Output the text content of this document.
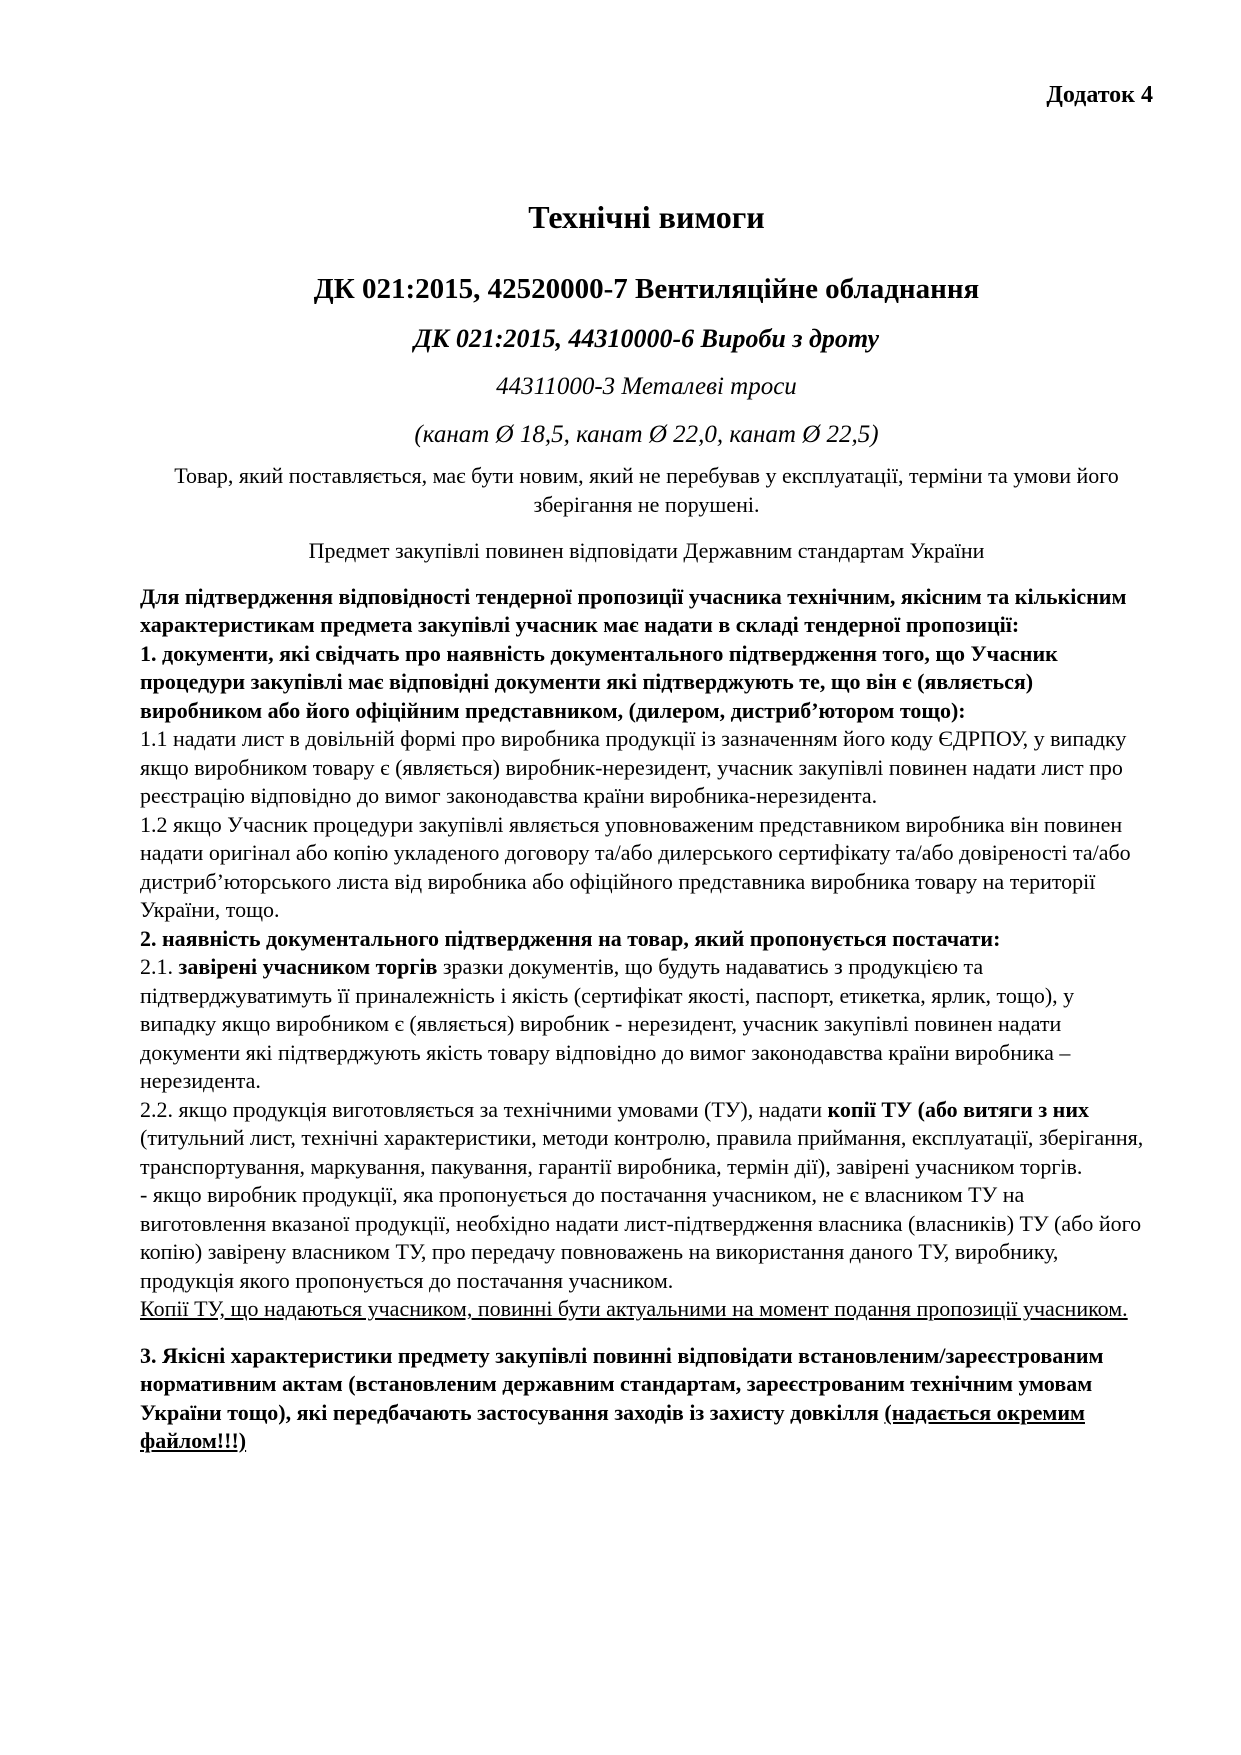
Додаток 4

Технічні вимоги

ДК 021:2015, 42520000-7 Вентиляційне обладнання

ДК 021:2015, 44310000-6 Вироби з дроту

44311000-3 Металеві троси

(канат Ø 18,5, канат Ø 22,0, канат Ø 22,5)

Товар, який поставляється, має бути новим, який не перебував у експлуатації, терміни та умови його зберігання не порушені.

Предмет закупівлі повинен відповідати Державним стандартам України

Для підтвердження відповідності тендерної пропозиції учасника технічним, якісним та кількісним характеристикам предмета закупівлі учасник має надати в складі тендерної пропозиції:

1. документи, які свідчать про наявність документального підтвердження того, що Учасник процедури закупівлі має відповідні документи які підтверджують те, що він є (являється) виробником або його офіційним представником, (дилером, дистриб’ютором тощо):

1.1 надати лист в довільній формі про виробника продукції із зазначенням його коду ЄДРПОУ, у випадку якщо виробником товару є (являється) виробник-нерезидент, учасник закупівлі повинен надати лист про реєстрацію відповідно до вимог законодавства країни виробника-нерезидента.

1.2 якщо Учасник процедури закупівлі являється уповноваженим представником виробника він повинен надати оригінал або копію укладеного договору та/або дилерського сертифікату та/або довіреності та/або дистриб’юторського листа від виробника або офіційного представника виробника товару на території України, тощо.

2. наявність документального підтвердження на товар, який пропонується постачати:

2.1. завірені учасником торгів зразки документів, що будуть надаватись з продукцією та підтверджуватимуть її приналежність і якість (сертифікат якості, паспорт, етикетка, ярлик, тощо), у випадку якщо виробником є (являється) виробник - нерезидент, учасник закупівлі повинен надати документи які підтверджують якість товару відповідно до вимог законодавства країни виробника – нерезидента.

2.2. якщо продукція виготовляється за технічними умовами (ТУ), надати копії ТУ (або витяги з них (титульний лист, технічні характеристики, методи контролю, правила приймання, експлуатації, зберігання, транспортування, маркування, пакування, гарантії виробника, термін дії), завірені учасником торгів.

- якщо виробник продукції, яка пропонується до постачання учасником, не є власником ТУ на виготовлення вказаної продукції, необхідно надати лист-підтвердження власника (власників) ТУ (або його копію) завірену власником ТУ, про передачу повноважень на використання даного ТУ, виробнику, продукція якого пропонується до постачання учасником.

Копії ТУ, що надаються учасником, повинні бути актуальними на момент подання пропозиції учасником.

3. Якісні характеристики предмету закупівлі повинні відповідати встановленим/зареєстрованим нормативним актам (встановленим державним стандартам, зареєстрованим технічним умовам України тощо), які передбачають застосування заходів із захисту довкілля (надається окремим файлом!!!)
